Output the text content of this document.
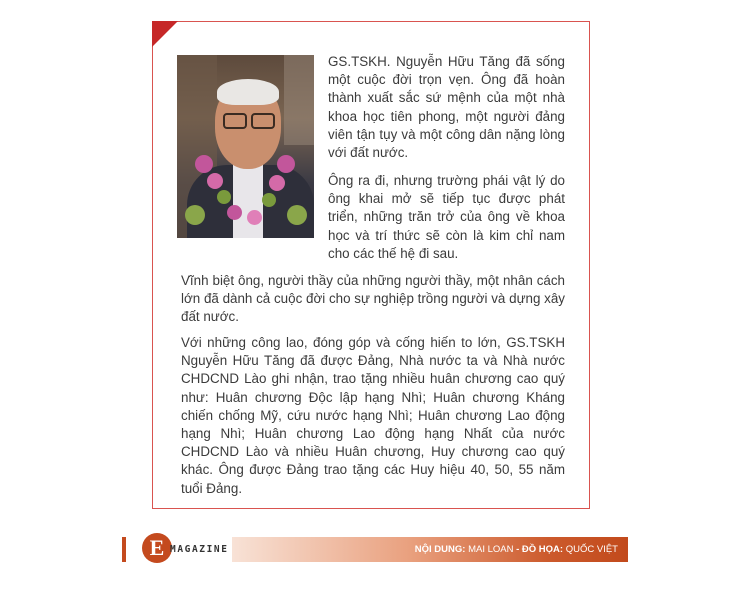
GS.TSKH. Nguyễn Hữu Tăng đã sống một cuộc đời trọn vẹn. Ông đã hoàn thành xuất sắc sứ mệnh của một nhà khoa học tiên phong, một người đảng viên tận tụy và một công dân nặng lòng với đất nước.

Ông ra đi, nhưng trường phái vật lý do ông khai mở sẽ tiếp tục được phát triển, những trăn trở của ông về khoa học và trí thức sẽ còn là kim chỉ nam cho các thế hệ đi sau.

Vĩnh biệt ông, người thầy của những người thầy, một nhân cách lớn đã dành cả cuộc đời cho sự nghiệp trồng người và dựng xây đất nước.

Với những công lao, đóng góp và cống hiến to lớn, GS.TSKH Nguyễn Hữu Tăng đã được Đảng, Nhà nước ta và Nhà nước CHDCND Lào ghi nhận, trao tặng nhiều huân chương cao quý như: Huân chương Độc lập hạng Nhì; Huân chương Kháng chiến chống Mỹ, cứu nước hạng Nhì; Huân chương Lao động hạng Nhì; Huân chương Lao động hạng Nhất của nước CHDCND Lào và nhiều Huân chương, Huy chương cao quý khác. Ông được Đảng trao tặng các Huy hiệu 40, 50, 55 năm tuổi Đảng.

E MAGAZINE	NỘI DUNG: MAI LOAN - ĐỒ HỌA: QUỐC VIỆT
